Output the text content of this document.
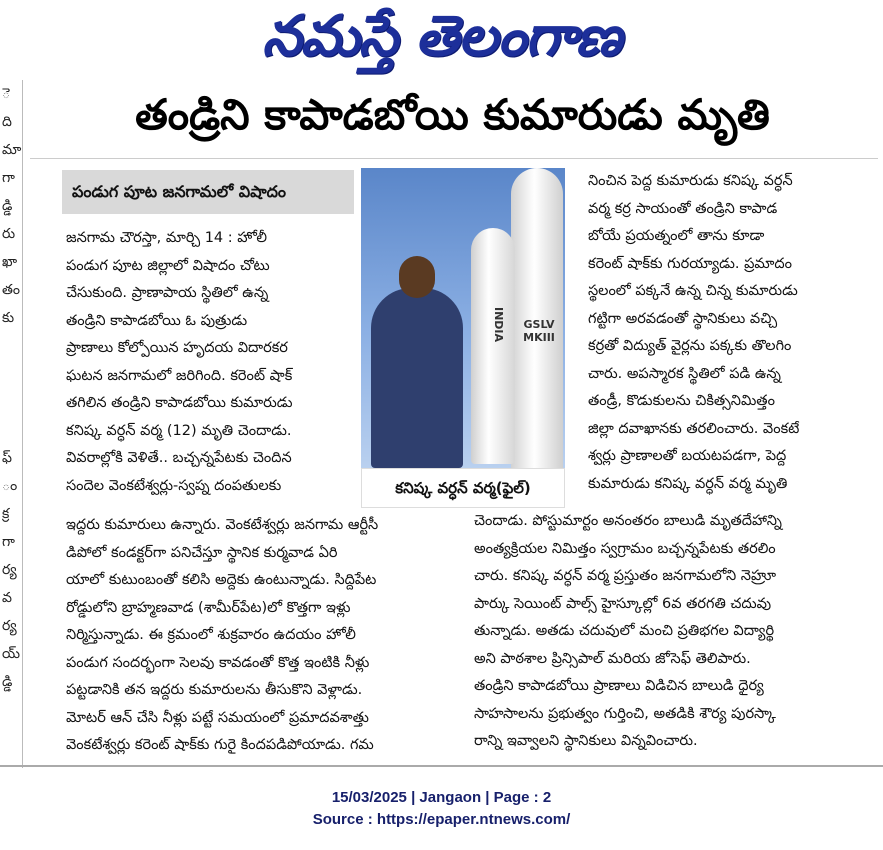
నమస్తే తెలంగాణ
ె
ది
మా
గా
డ్డి
రు
ఖా
తం
కు
ఫ్
ం
క్ర
గా
ర్య
వ
ర్య
య్
డ్డి
తండ్రిని కాపాడబోయి కుమారుడు మృతి
పండుగ పూట జనగామలో విషాదం
జనగామ చౌరస్తా, మార్చి 14 : హోలీ
పండుగ పూట జిల్లాలో విషాదం చోటు
చేసుకుంది. ప్రాణాపాయ స్థితిలో ఉన్న
తండ్రిని కాపాడబోయి ఓ పుత్రుడు
ప్రాణాలు కోల్పోయిన హృదయ విదారకర
ఘటన జనగామలో జరిగింది. కరెంట్ షాక్
తగిలిన తండ్రిని కాపాడబోయి కుమారుడు
కనిష్క వర్ధన్ వర్మ (12) మృతి చెందాడు.
వివరాల్లోకి వెళితే.. బచ్చన్నపేటకు చెందిన
సందెల వెంకటేశ్వర్లు-స్వప్న దంపతులకు
INDIA	GSLV MKIII
కనిష్క వర్ధన్ వర్మ(ఫైల్)
ఇద్దరు కుమారులు ఉన్నారు. వెంకటేశ్వర్లు జనగామ ఆర్టీసీ
డిపోలో కండక్టర్‌గా పనిచేస్తూ స్థానిక కుర్మవాడ ఏరి
యాలో కుటుంబంతో కలిసి అద్దెకు ఉంటున్నాడు. సిద్దిపేట
రోడ్డులోని బ్రాహ్మణవాడ (శామీర్‌పేట)లో కొత్తగా ఇళ్లు
నిర్మిస్తున్నాడు. ఈ క్రమంలో శుక్రవారం ఉదయం హోలీ
పండుగ సందర్భంగా సెలవు కావడంతో కొత్త ఇంటికి నీళ్లు
పట్టడానికి తన ఇద్దరు కుమారులను తీసుకొని వెళ్లాడు.
మోటర్ ఆన్ చేసి నీళ్లు పట్టే సమయంలో ప్రమాదవశాత్తు
వెంకటేశ్వర్లు కరెంట్ షాక్‌కు గురై కిందపడిపోయాడు. గమ
నించిన పెద్ద కుమారుడు కనిష్క వర్ధన్
వర్మ కర్ర సాయంతో తండ్రిని కాపాడ
బోయే ప్రయత్నంలో తాను కూడా
కరెంట్ షాక్‌కు గురయ్యాడు. ప్రమాదం
స్థలంలో పక్కనే ఉన్న చిన్న కుమారుడు
గట్టిగా అరవడంతో స్థానికులు వచ్చి
కర్రతో విద్యుత్ వైర్లను పక్కకు తొలగిం
చారు. అపస్మారక స్థితిలో పడి ఉన్న
తండ్రీ, కొడుకులను చికిత్సనిమిత్తం
జిల్లా దవాఖానకు తరలించారు. వెంకటే
శ్వర్లు ప్రాణాలతో బయటపడగా, పెద్ద
కుమారుడు కనిష్క వర్ధన్ వర్మ మృతి
చెందాడు. పోస్టుమార్టం అనంతరం బాలుడి మృతదేహాన్ని
అంత్యక్రియల నిమిత్తం స్వగ్రామం బచ్చన్నపేటకు తరలిం
చారు. కనిష్క వర్ధన్ వర్మ ప్రస్తుతం జనగామలోని నెహ్రూ
పార్కు సెయింట్ పాల్స్ హైస్కూల్లో 6వ తరగతి చదువు
తున్నాడు. అతడు చదువులో మంచి ప్రతిభగల విద్యార్థి
అని పాఠశాల ప్రిన్సిపాల్ మరియ జోసెఫ్ తెలిపారు.
తండ్రిని కాపాడబోయి ప్రాణాలు విడిచిన బాలుడి ధైర్య
సాహసాలను ప్రభుత్వం గుర్తించి, అతడికి శౌర్య పురస్కా
రాన్ని ఇవ్వాలని స్థానికులు విన్నవించారు.
15/03/2025 | Jangaon | Page : 2
Source : https://epaper.ntnews.com/
